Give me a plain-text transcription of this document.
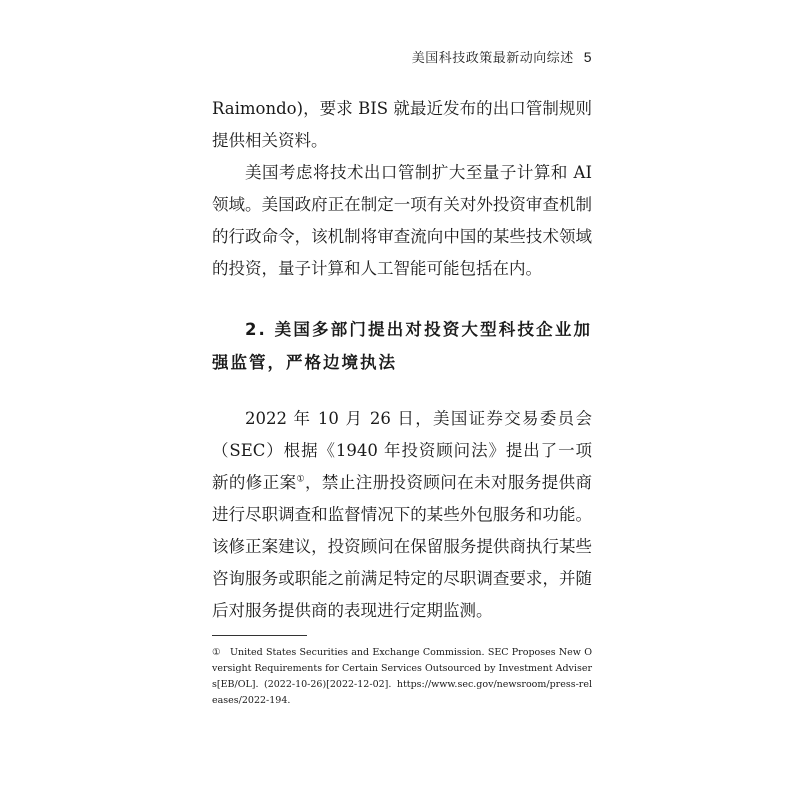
美国科技政策最新动向综述 5
Raimondo)，要求 BIS 就最近发布的出口管制规则提供相关资料。
美国考虑将技术出口管制扩大至量子计算和 AI 领域。美国政府正在制定一项有关对外投资审查机制的行政命令，该机制将审查流向中国的某些技术领域的投资，量子计算和人工智能可能包括在内。
2. 美国多部门提出对投资大型科技企业加强监管，严格边境执法
2022 年 10 月 26 日，美国证券交易委员会（SEC）根据《1940 年投资顾问法》提出了一项新的修正案①，禁止注册投资顾问在未对服务提供商进行尽职调查和监督情况下的某些外包服务和功能。该修正案建议，投资顾问在保留服务提供商执行某些咨询服务或职能之前满足特定的尽职调查要求，并随后对服务提供商的表现进行定期监测。
① United States Securities and Exchange Commission. SEC Proposes New Oversight Requirements for Certain Services Outsourced by Investment Advisers[EB/OL]. (2022-10-26)[2022-12-02]. https://www.sec.gov/newsroom/press-releases/2022-194.
